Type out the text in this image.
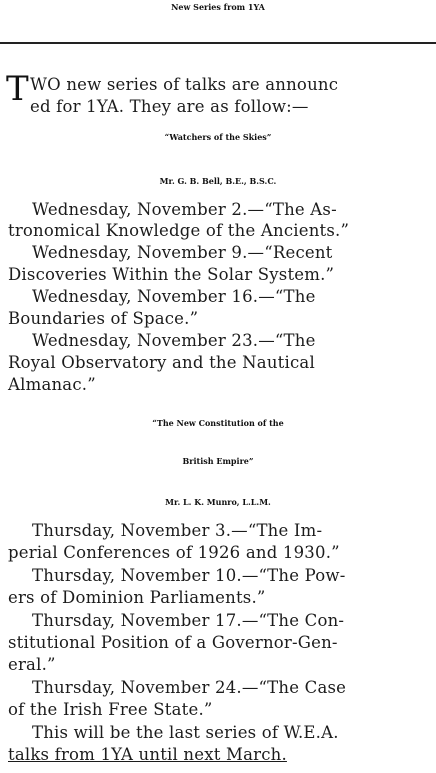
New Series from 1YA
T WO new series of talks are announc
ed for 1YA. They are as follow:—
“Watchers of the Skies”
Mr. G. B. Bell, B.E., B.S.C.
Wednesday, November 2.—“The As-
tronomical Knowledge of the Ancients.”
Wednesday, November 9.—“Recent
Discoveries Within the Solar System.”
Wednesday, November 16.—“The
Boundaries of Space.”
Wednesday, November 23.—“The
Royal Observatory and the Nautical
Almanac.”
“The New Constitution of the
British Empire”
Mr. L. K. Munro, L.L.M.
Thursday, November 3.—“The Im-
perial Conferences of 1926 and 1930.”
Thursday, November 10.—“The Pow-
ers of Dominion Parliaments.”
Thursday, November 17.—“The Con-
stitutional Position of a Governor-Gen-
eral.”
Thursday, November 24.—“The Case
of the Irish Free State.”
This will be the last series of W.E.A.
talks from 1YA until next March.
